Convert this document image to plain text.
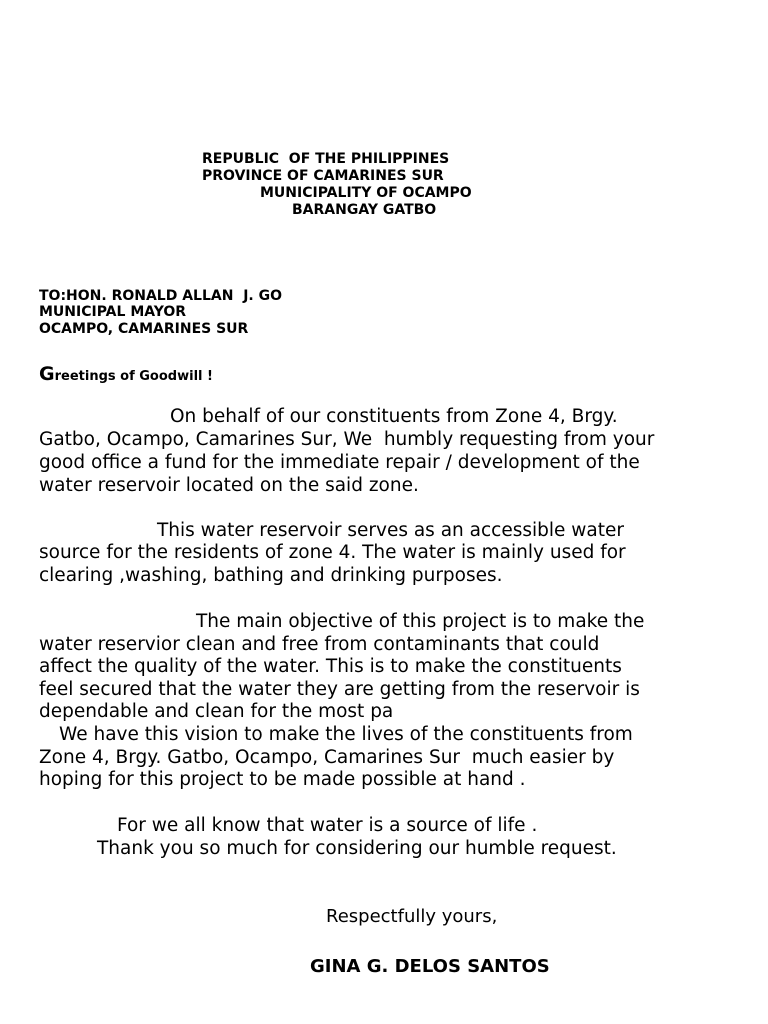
REPUBLIC  OF THE PHILIPPINES

PROVINCE OF CAMARINES SUR

MUNICIPALITY OF OCAMPO

BARANGAY GATBO

TO:HON. RONALD ALLAN  J. GO

MUNICIPAL MAYOR

OCAMPO, CAMARINES SUR

Greetings of Goodwill !

On behalf of our constituents from Zone 4, Brgy.

Gatbo, Ocampo, Camarines Sur, We  humbly requesting from your

good office a fund for the immediate repair / development of the

water reservoir located on the said zone.

This water reservoir serves as an accessible water

source for the residents of zone 4. The water is mainly used for

clearing ,washing, bathing and drinking purposes.

The main objective of this project is to make the

water reservior clean and free from contaminants that could

affect the quality of the water. This is to make the constituents

feel secured that the water they are getting from the reservoir is

dependable and clean for the most pa

We have this vision to make the lives of the constituents from

Zone 4, Brgy. Gatbo, Ocampo, Camarines Sur  much easier by

hoping for this project to be made possible at hand .

For we all know that water is a source of life .

Thank you so much for considering our humble request.

Respectfully yours,

GINA G. DELOS SANTOS
